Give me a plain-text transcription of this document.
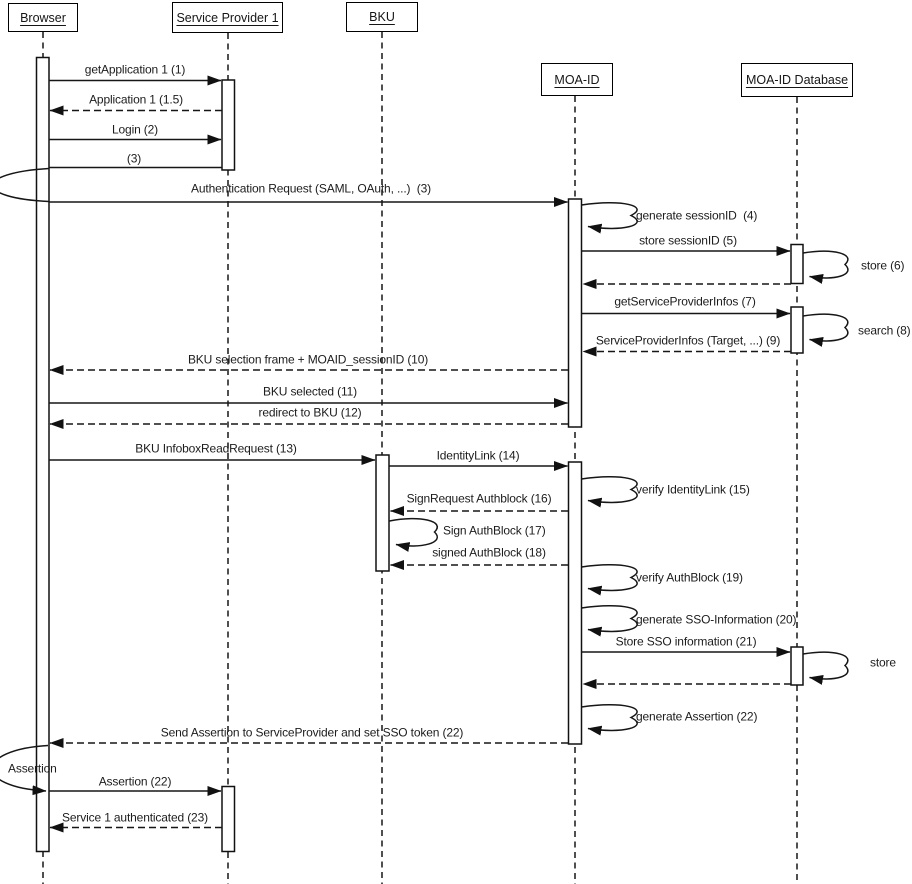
Browser	Service Provider 1	BKU
MOA-ID	MOA-ID Database
getApplication 1 (1)
Application 1 (1.5)
Login (2)
(3)
Authentication Request (SAML, OAuth, ...)  (3)
generate sessionID  (4)
store sessionID (5)
store (6)
getServiceProviderInfos (7)
search (8)
ServiceProviderInfos (Target, ...) (9)
BKU selection frame + MOAID_sessionID (10)
BKU selected (11)
redirect to BKU (12)
BKU InfoboxReadRequest (13)	IdentityLink (14)
verify IdentityLink (15)
SignRequest Authblock (16)
Sign AuthBlock (17)
signed AuthBlock (18)
verify AuthBlock (19)
generate SSO-Information (20)
Store SSO information (21)
store
generate Assertion (22)
Send Assertion to ServiceProvider and set SSO token (22)
Assertion
Assertion (22)
Service 1 authenticated (23)
